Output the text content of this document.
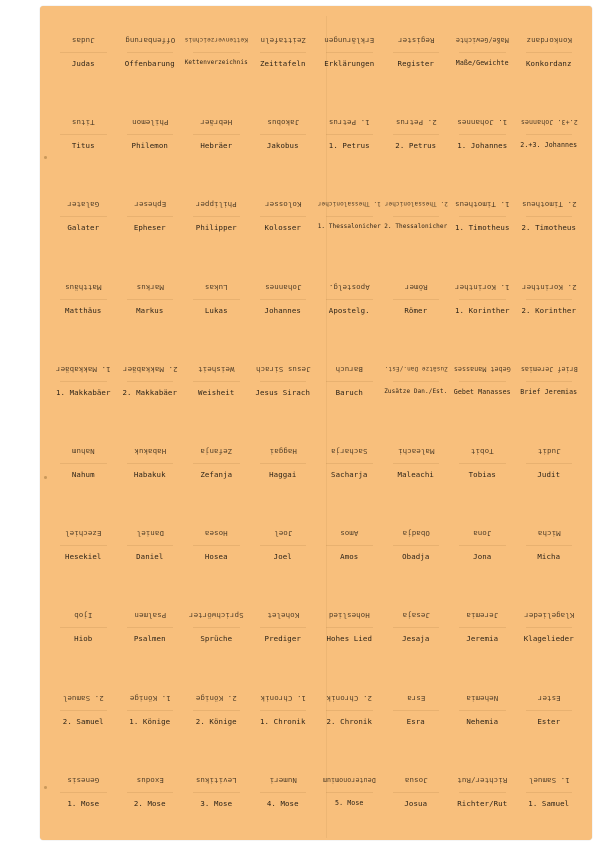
Judas
Judas
Offenbarung
Offenbarung
Kettenverzeichnis
Kettenverzeichnis
Zeittafeln
Zeittafeln
Erklärungen
Erklärungen
Register
Register
Maße/Gewichte
Maße/Gewichte
Konkordanz
Konkordanz
Titus
Titus
Philemon
Philemon
Hebräer
Hebräer
Jakobus
Jakobus
1. Petrus
1. Petrus
2. Petrus
2. Petrus
1. Johannes
1. Johannes
2.+3. Johannes
2.+3. Johannes
Galater
Galater
Epheser
Epheser
Philipper
Philipper
Kolosser
Kolosser
1. Thessalonicher
1. Thessalonicher
2. Thessalonicher
2. Thessalonicher
1. Timotheus
1. Timotheus
2. Timotheus
2. Timotheus
Matthäus
Matthäus
Markus
Markus
Lukas
Lukas
Johannes
Johannes
Apostelg.
Apostelg.
Römer
Römer
1. Korinther
1. Korinther
2. Korinther
2. Korinther
1. Makkabäer
1. Makkabäer
2. Makkabäer
2. Makkabäer
Weisheit
Weisheit
Jesus Sirach
Jesus Sirach
Baruch
Baruch
Zusätze Dan./Est.
Zusätze Dan./Est.
Gebet Manasses
Gebet Manasses
Brief Jeremias
Brief Jeremias
Nahum
Nahum
Habakuk
Habakuk
Zefanja
Zefanja
Haggai
Haggai
Sacharja
Sacharja
Maleachi
Maleachi
Tobit
Tobias
Judit
Judit
Ezechiel
Hesekiel
Daniel
Daniel
Hosea
Hosea
Joel
Joel
Amos
Amos
Obadja
Obadja
Jona
Jona
Micha
Micha
Ijob
Hiob
Psalmen
Psalmen
Sprichwörter
Sprüche
Kohelet
Prediger
Hoheslied
Hohes Lied
Jesaja
Jesaja
Jeremia
Jeremia
Klagelieder
Klagelieder
2. Samuel
2. Samuel
1. Könige
1. Könige
2. Könige
2. Könige
1. Chronik
1. Chronik
2. Chronik
2. Chronik
Esra
Esra
Nehemia
Nehemia
Ester
Ester
Genesis
1. Mose
Exodus
2. Mose
Levitikus
3. Mose
Numeri
4. Mose
Deuteronomium
5. Mose
Josua
Josua
Richter/Rut
Richter/Rut
1. Samuel
1. Samuel
